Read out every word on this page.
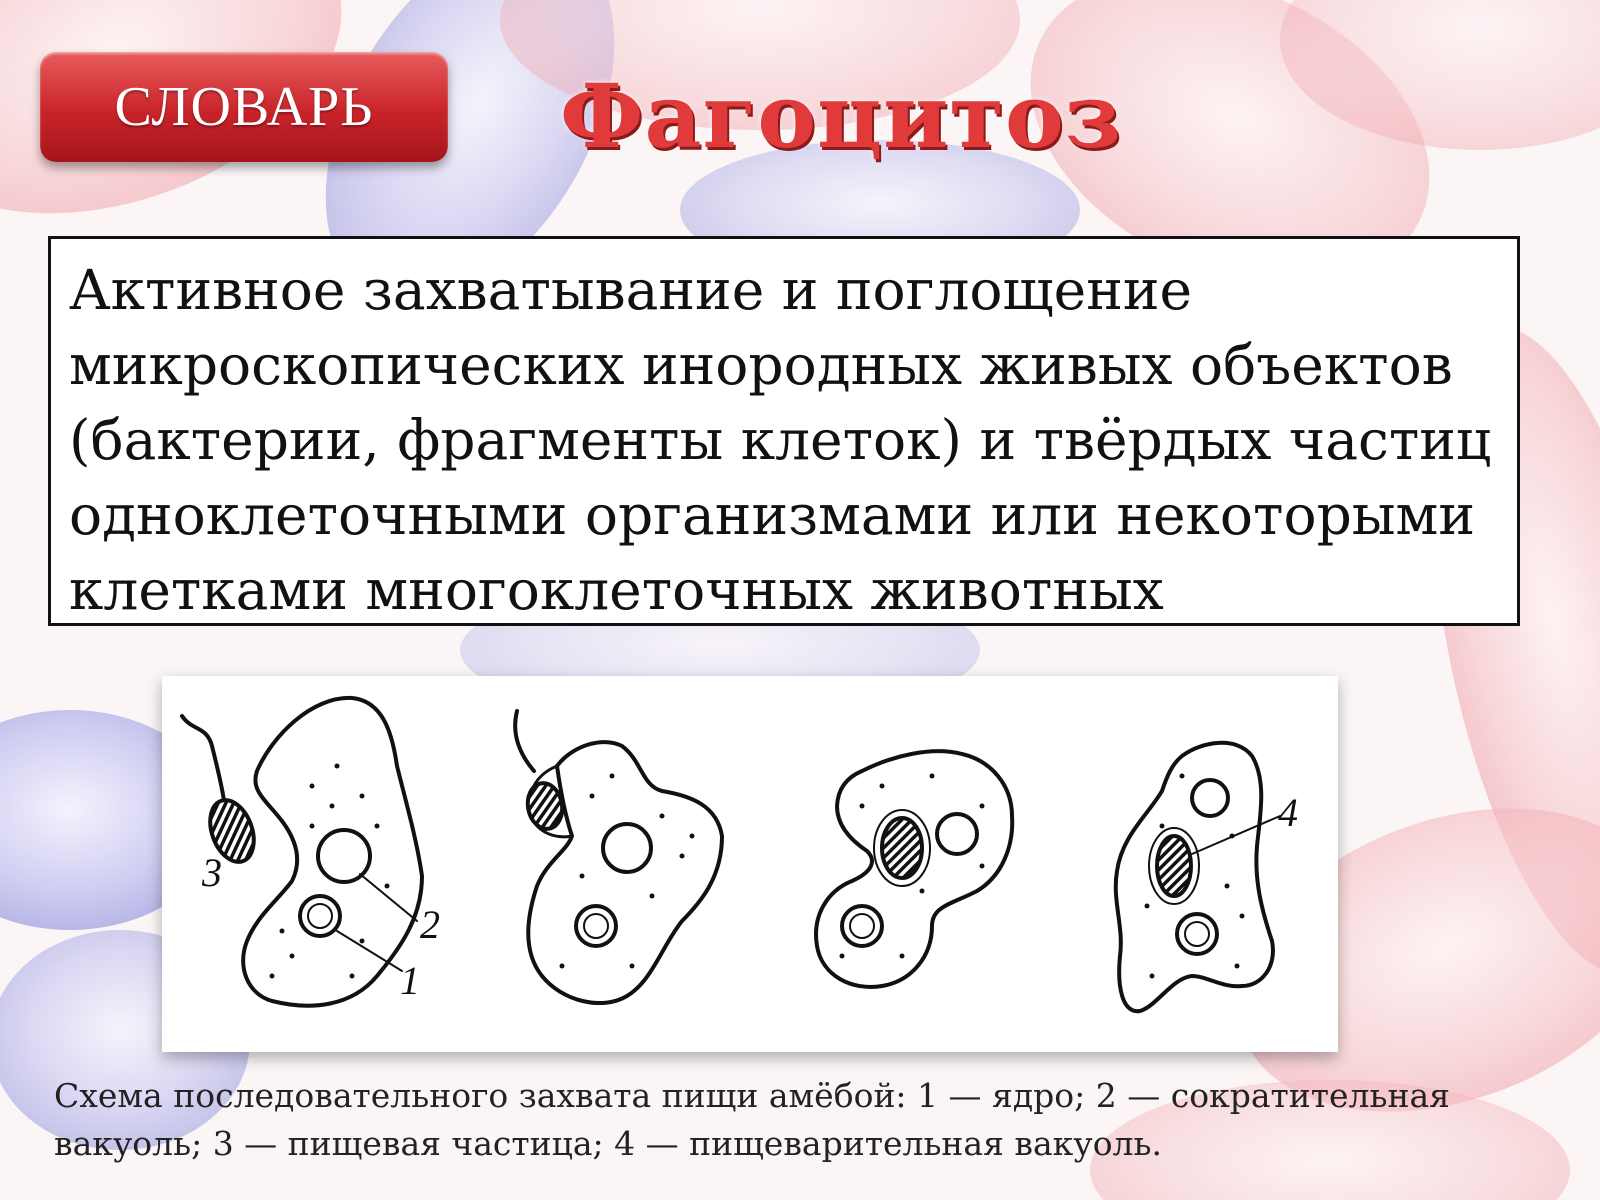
СЛОВАРЬ Фагоцитоз

Активное захватывание и поглощение

микроскопических инородных живых объектов

(бактерии, фрагменты клеток) и твёрдых частиц

одноклеточными организмами или некоторыми

клетками многоклеточных животных

3
2
1
4

Схема последовательного захвата пищи амёбой: 1 — ядро; 2 — сократительная

вакуоль; 3 — пищевая частица; 4 — пищеварительная вакуоль.
